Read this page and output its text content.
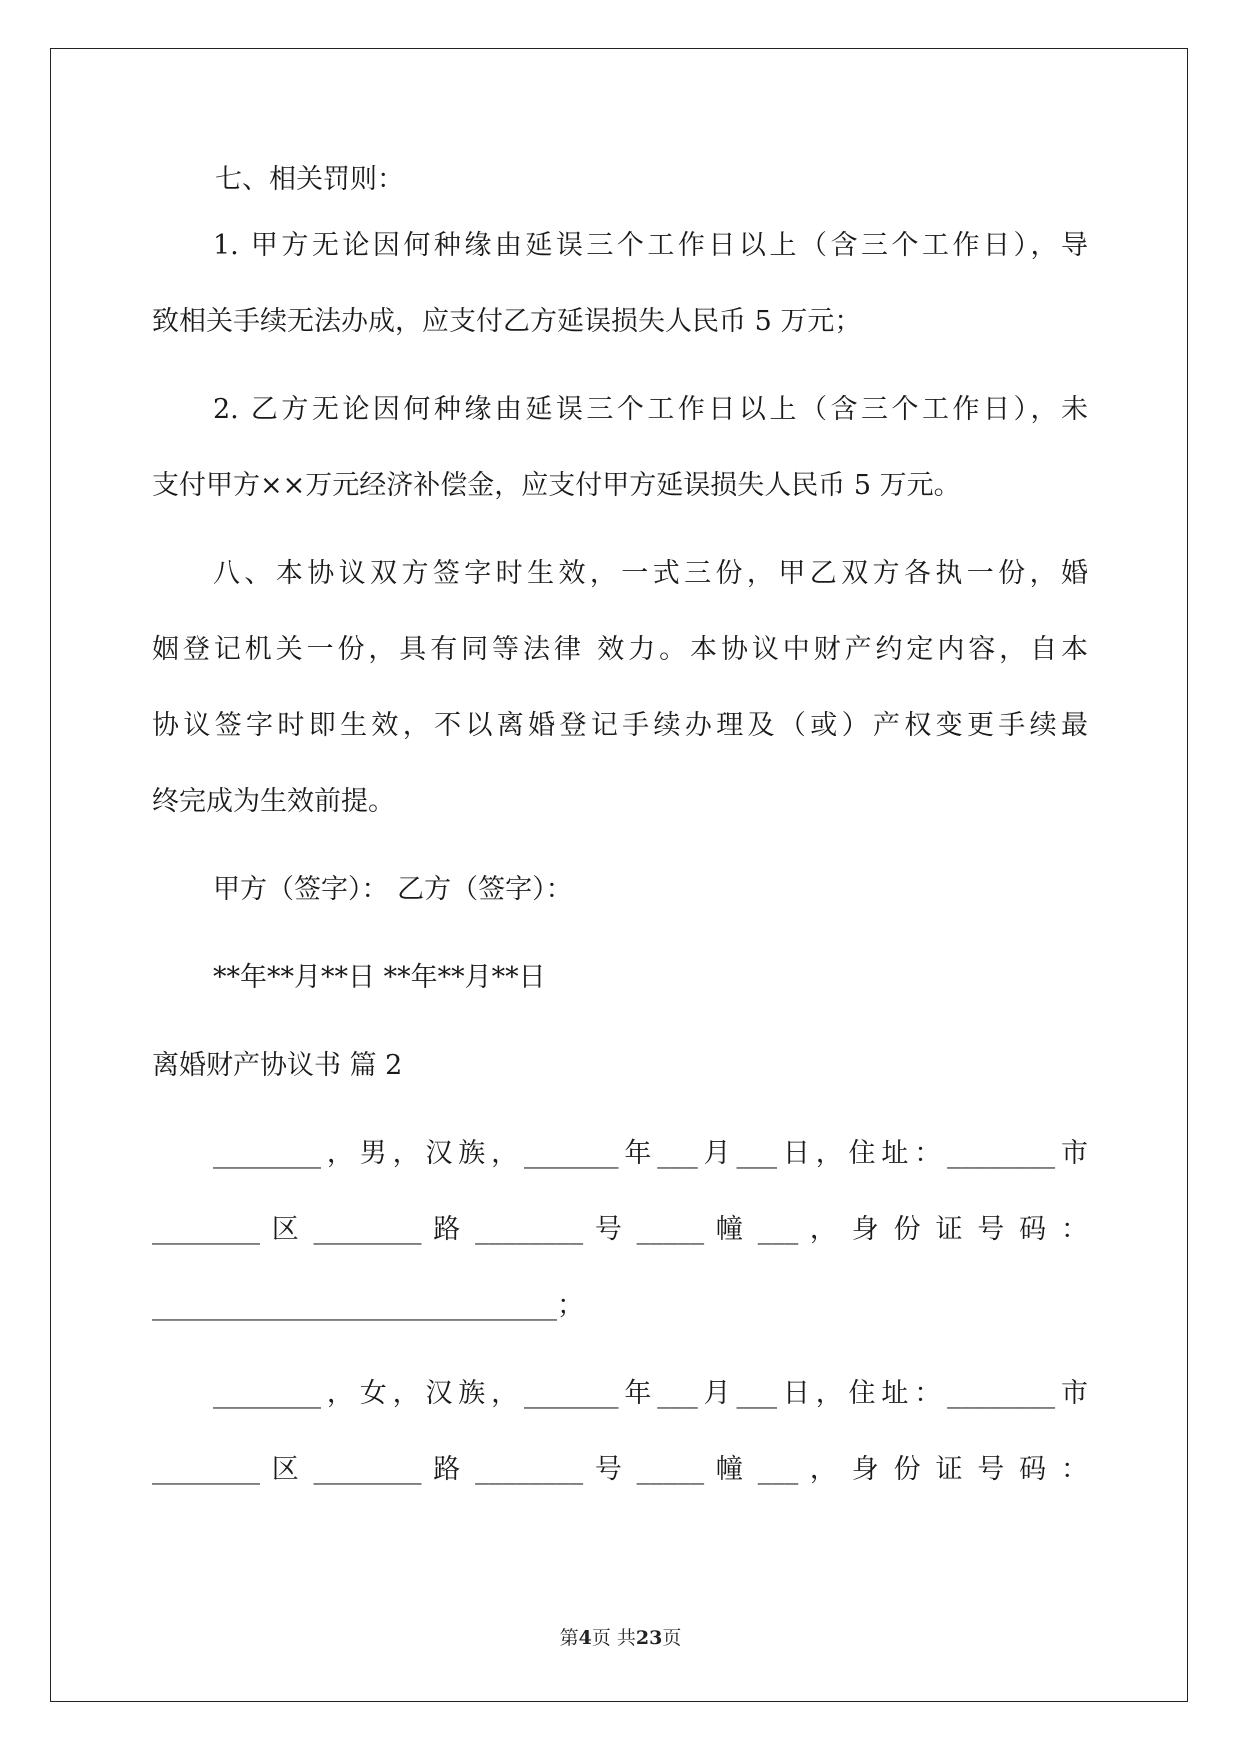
七、相关罚则：
1. 甲方无论因何种缘由延误三个工作日以上（含三个工作日），导
致相关手续无法办成，应支付乙方延误损失人民币 5 万元；
2. 乙方无论因何种缘由延误三个工作日以上（含三个工作日），未
支付甲方××万元经济补偿金，应支付甲方延误损失人民币 5 万元。
八、本协议双方签字时生效，一式三份，甲乙双方各执一份，婚
姻登记机关一份，具有同等法律 效力。本协议中财产约定内容，自本
协议签字时即生效，不以离婚登记手续办理及（或）产权变更手续最
终完成为生效前提。
甲方（签字）： 乙方（签字）：
**年**月**日 **年**月**日
离婚财产协议书 篇 2
________，男，汉族，_______年___月___日，住址：________市
________ 区 ________ 路 ________ 号 _____ 幢 ___ ， 身 份 证 号 码 ：
______________________________；
________，女，汉族，_______年___月___日，住址：________市
________ 区 ________ 路 ________ 号 _____ 幢 ___ ， 身 份 证 号 码 ：
第4页 共23页
